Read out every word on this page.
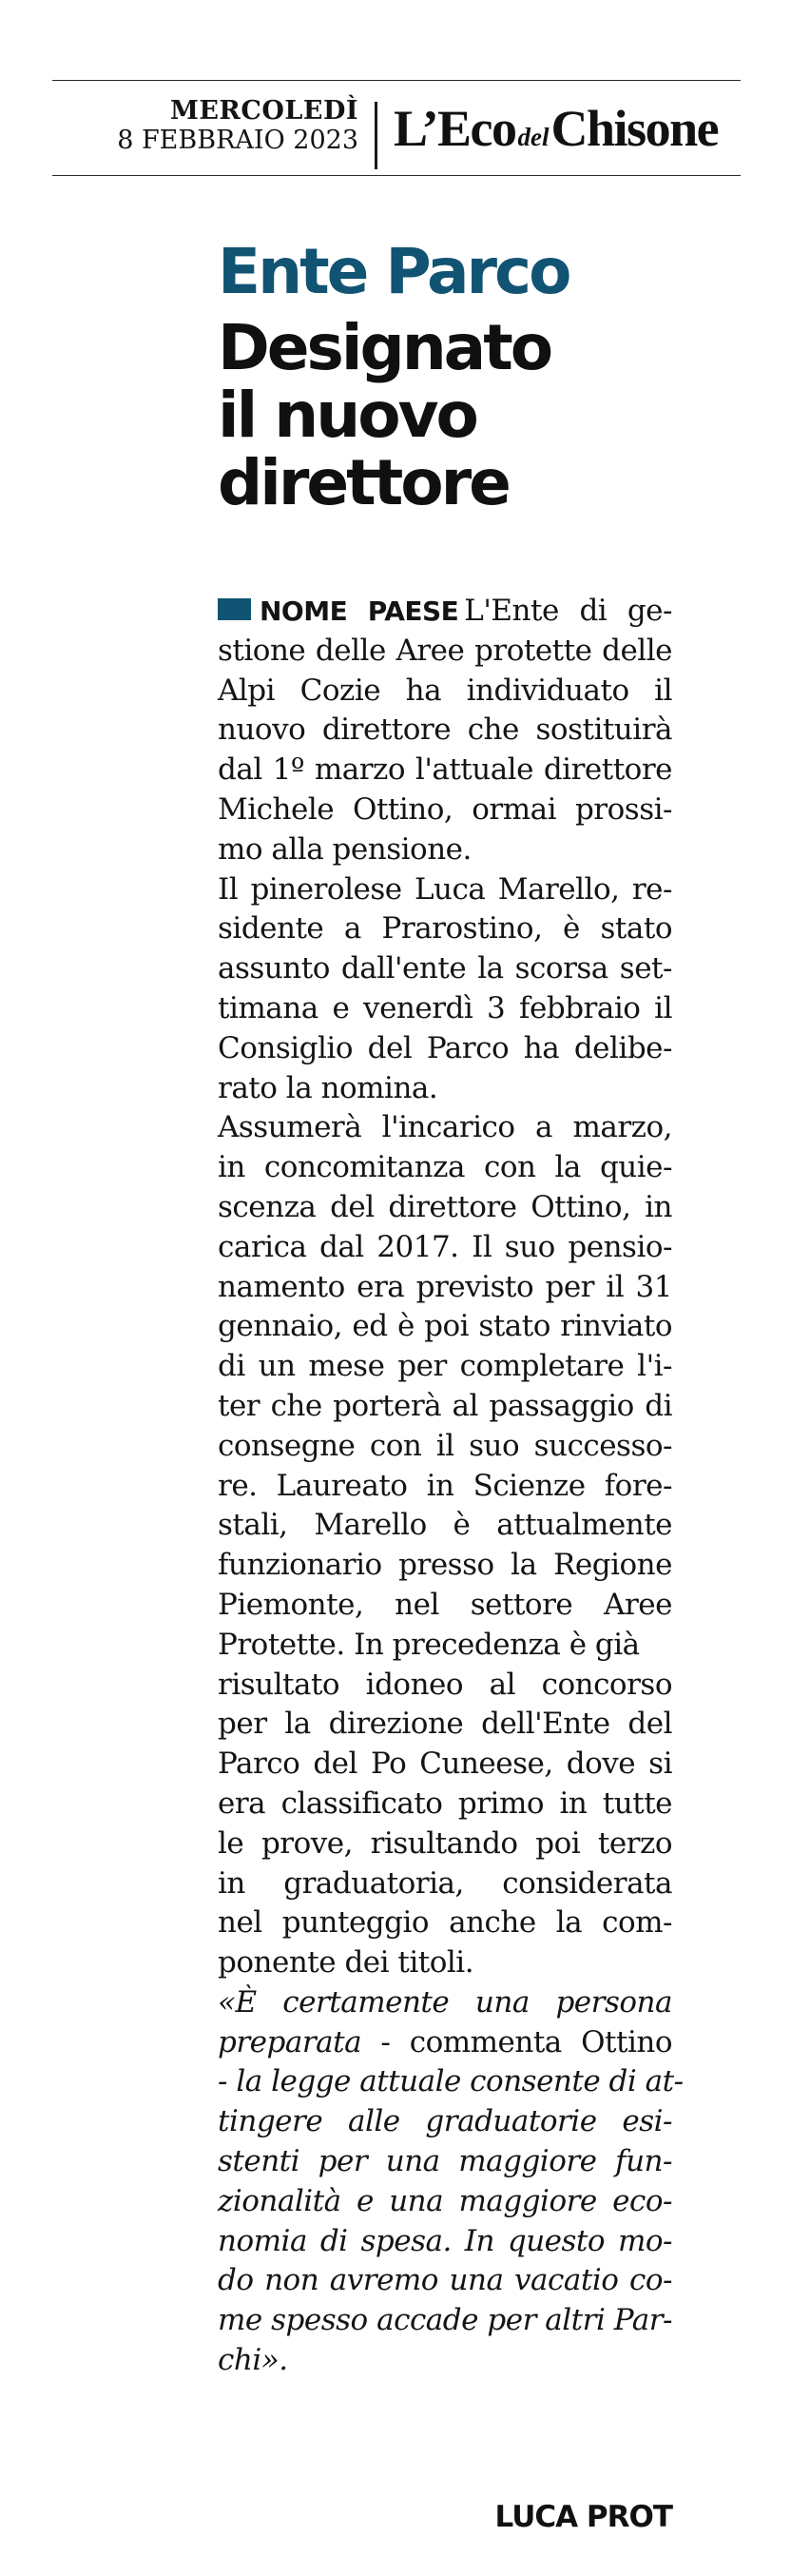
MERCOLEDÌ
8 FEBBRAIO 2023 L’EcodelChisone
Ente Parco
Designato
il nuovo
direttore
NOME PAESE L'Ente di ge-
stione delle Aree protette delle
Alpi Cozie ha individuato il
nuovo direttore che sostituirà
dal 1º marzo l'attuale direttore
Michele Ottino, ormai prossi-
mo alla pensione.
Il pinerolese Luca Marello, re-
sidente a Prarostino, è stato
assunto dall'ente la scorsa set-
timana e venerdì 3 febbraio il
Consiglio del Parco ha delibe-
rato la nomina.
Assumerà l'incarico a marzo,
in concomitanza con la quie-
scenza del direttore Ottino, in
carica dal 2017. Il suo pensio-
namento era previsto per il 31
gennaio, ed è poi stato rinviato
di un mese per completare l'i-
ter che porterà al passaggio di
consegne con il suo successo-
re. Laureato in Scienze fore-
stali, Marello è attualmente
funzionario presso la Regione
Piemonte, nel settore Aree
Protette. In precedenza è già
risultato idoneo al concorso
per la direzione dell'Ente del
Parco del Po Cuneese, dove si
era classificato primo in tutte
le prove, risultando poi terzo
in graduatoria, considerata
nel punteggio anche la com-
ponente dei titoli.
«È certamente una persona
preparata - commenta Ottino
- la legge attuale consente di at-
tingere alle graduatorie esi-
stenti per una maggiore fun-
zionalità e una maggiore eco-
nomia di spesa. In questo mo-
do non avremo una vacatio co-
me spesso accade per altri Par-
chi».
LUCA PROT
